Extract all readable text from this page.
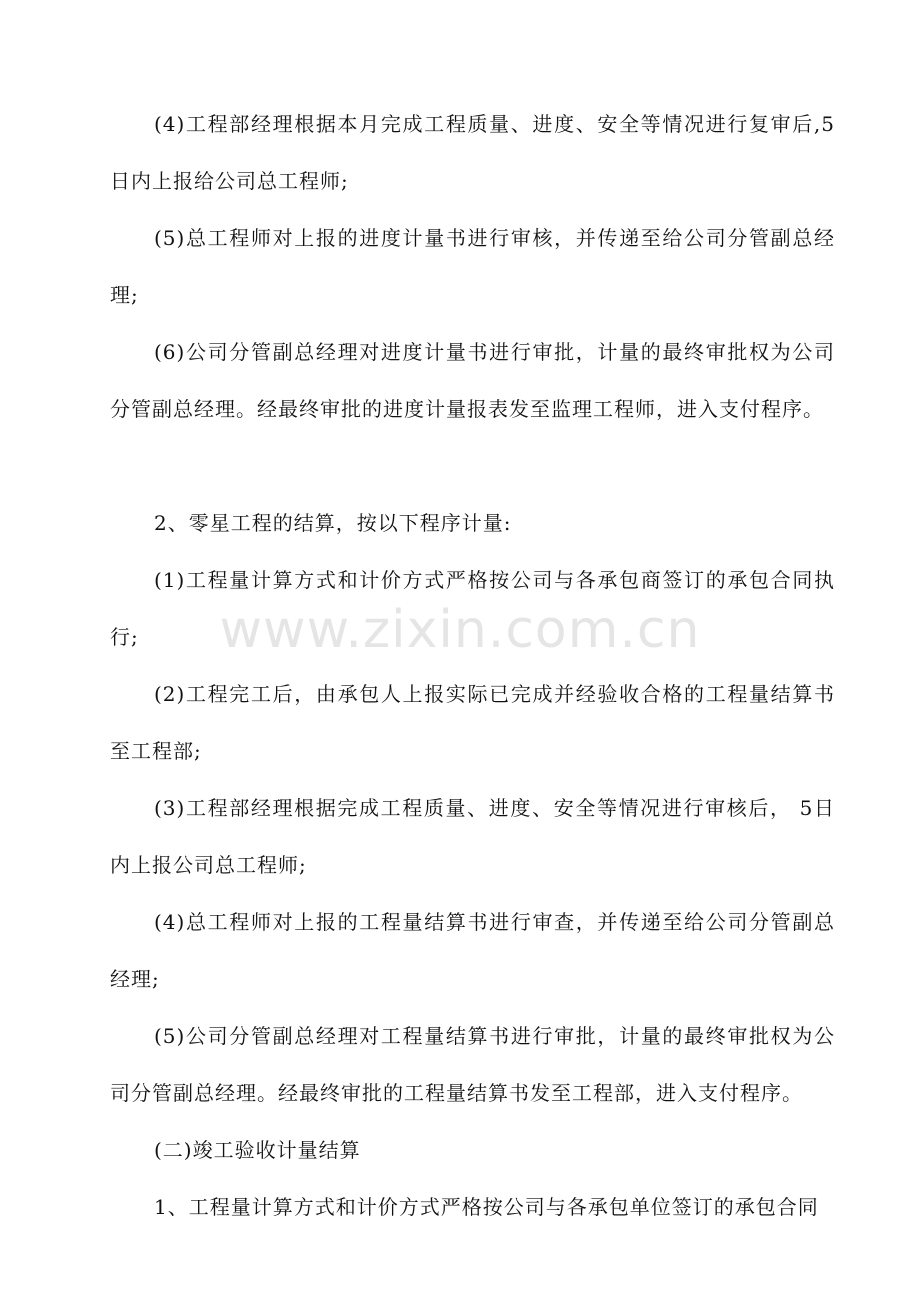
(4)工程部经理根据本月完成工程质量、进度、安全等情况进行复审后,5日内上报给公司总工程师;

(5)总工程师对上报的进度计量书进行审核，并传递至给公司分管副总经理;

(6)公司分管副总经理对进度计量书进行审批，计量的最终审批权为公司分管副总经理。经最终审批的进度计量报表发至监理工程师，进入支付程序。

2、零星工程的结算，按以下程序计量:

(1)工程量计算方式和计价方式严格按公司与各承包商签订的承包合同执行;

(2)工程完工后，由承包人上报实际已完成并经验收合格的工程量结算书至工程部;

(3)工程部经理根据完成工程质量、进度、安全等情况进行审核后， 5日内上报公司总工程师;

(4)总工程师对上报的工程量结算书进行审查，并传递至给公司分管副总经理;

(5)公司分管副总经理对工程量结算书进行审批，计量的最终审批权为公司分管副总经理。经最终审批的工程量结算书发至工程部，进入支付程序。

(二)竣工验收计量结算

1、工程量计算方式和计价方式严格按公司与各承包单位签订的承包合同

www.zixin.com.cn
